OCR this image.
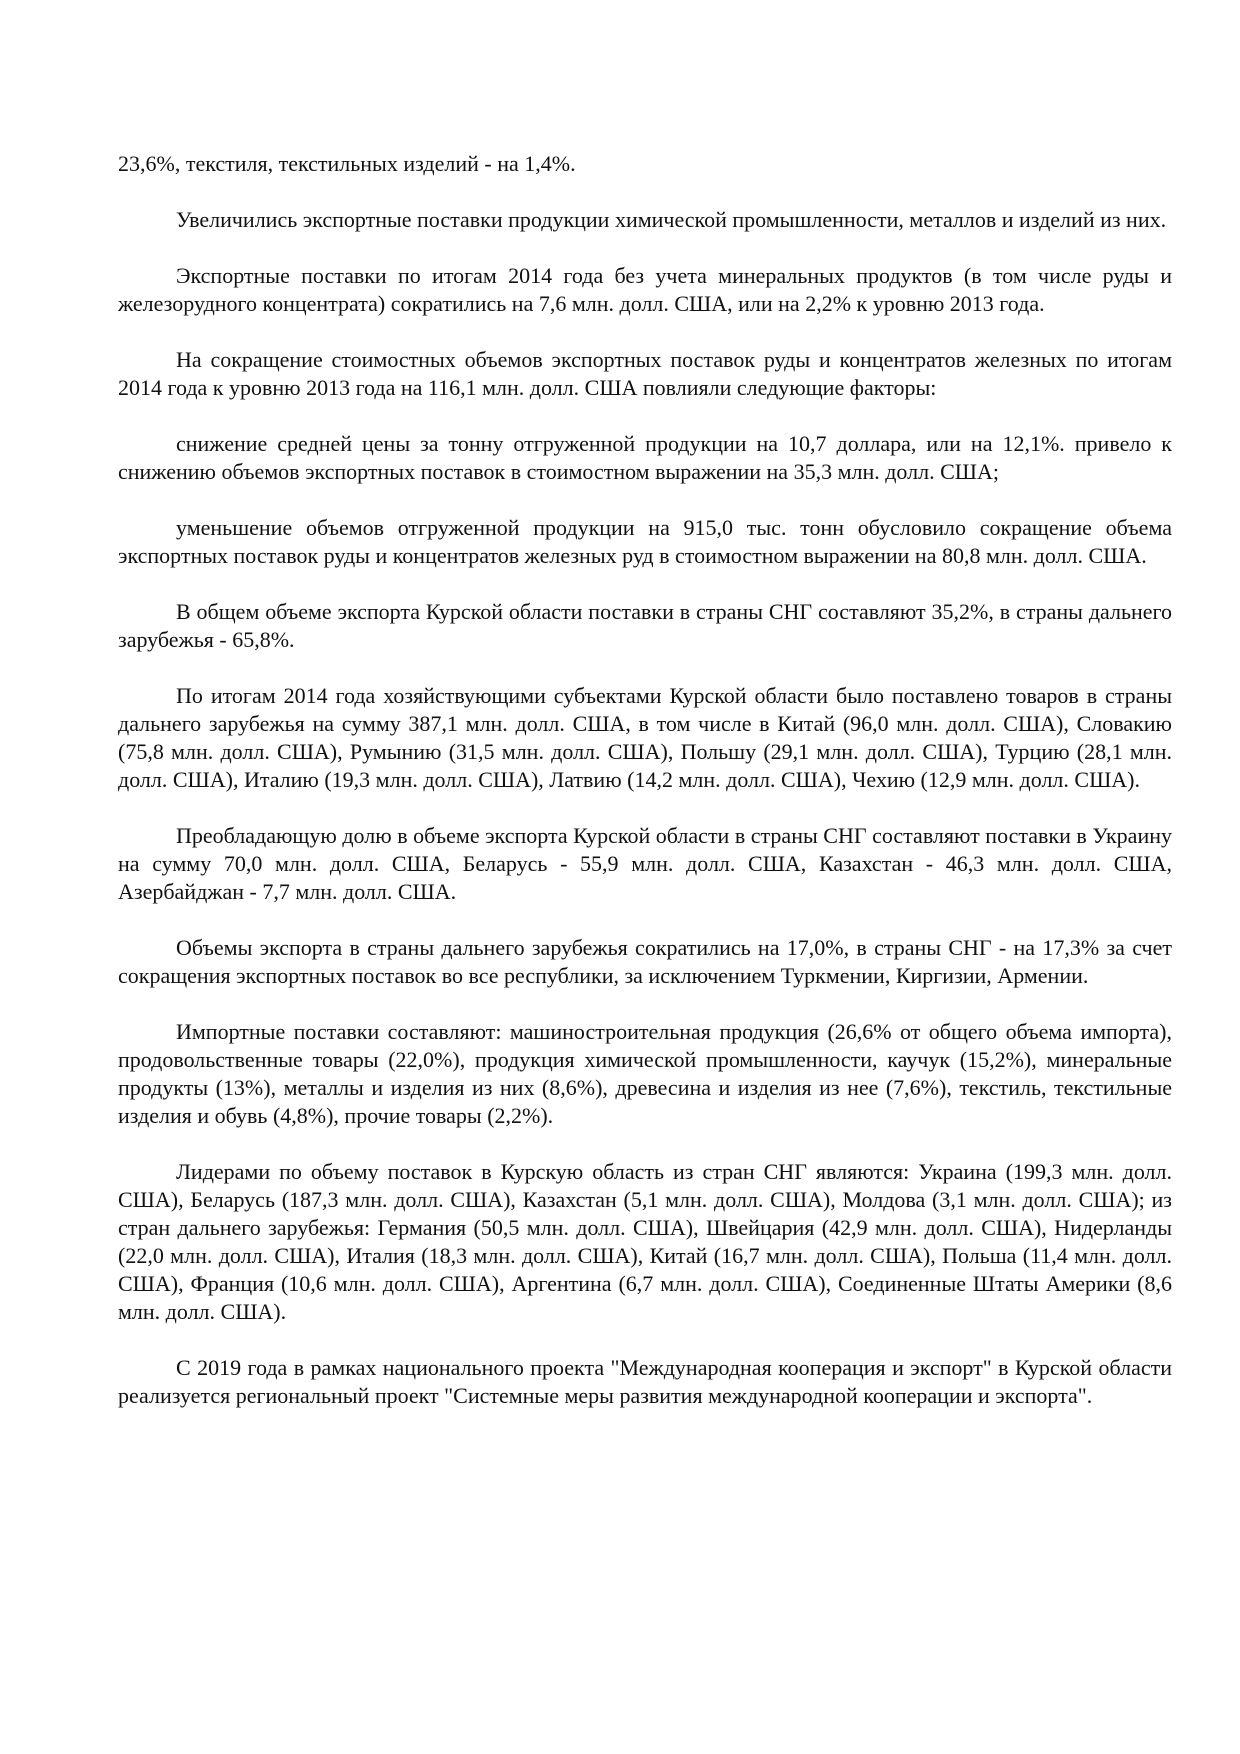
23,6%, текстиля, текстильных изделий - на 1,4%.

Увеличились экспортные поставки продукции химической промышленности, металлов и изделий из них.

Экспортные поставки по итогам 2014 года без учета минеральных продуктов (в том числе руды и железорудного концентрата) сократились на 7,6 млн. долл. США, или на 2,2% к уровню 2013 года.

На сокращение стоимостных объемов экспортных поставок руды и концентратов железных по итогам 2014 года к уровню 2013 года на 116,1 млн. долл. США повлияли следующие факторы:

снижение средней цены за тонну отгруженной продукции на 10,7 доллара, или на 12,1%. привело к снижению объемов экспортных поставок в стоимостном выражении на 35,3 млн. долл. США;

уменьшение объемов отгруженной продукции на 915,0 тыс. тонн обусловило сокращение объема экспортных поставок руды и концентратов железных руд в стоимостном выражении на 80,8 млн. долл. США.

В общем объеме экспорта Курской области поставки в страны СНГ составляют 35,2%, в страны дальнего зарубежья - 65,8%.

По итогам 2014 года хозяйствующими субъектами Курской области было поставлено товаров в страны дальнего зарубежья на сумму 387,1 млн. долл. США, в том числе в Китай (96,0 млн. долл. США), Словакию (75,8 млн. долл. США), Румынию (31,5 млн. долл. США), Польшу (29,1 млн. долл. США), Турцию (28,1 млн. долл. США), Италию (19,3 млн. долл. США), Латвию (14,2 млн. долл. США), Чехию (12,9 млн. долл. США).

Преобладающую долю в объеме экспорта Курской области в страны СНГ составляют поставки в Украину на сумму 70,0 млн. долл. США, Беларусь - 55,9 млн. долл. США, Казахстан - 46,3 млн. долл. США, Азербайджан - 7,7 млн. долл. США.

Объемы экспорта в страны дальнего зарубежья сократились на 17,0%, в страны СНГ - на 17,3% за счет сокращения экспортных поставок во все республики, за исключением Туркмении, Киргизии, Армении.

Импортные поставки составляют: машиностроительная продукция (26,6% от общего объема импорта), продовольственные товары (22,0%), продукция химической промышленности, каучук (15,2%), минеральные продукты (13%), металлы и изделия из них (8,6%), древесина и изделия из нее (7,6%), текстиль, текстильные изделия и обувь (4,8%), прочие товары (2,2%).

Лидерами по объему поставок в Курскую область из стран СНГ являются: Украина (199,3 млн. долл. США), Беларусь (187,3 млн. долл. США), Казахстан (5,1 млн. долл. США), Молдова (3,1 млн. долл. США); из стран дальнего зарубежья: Германия (50,5 млн. долл. США), Швейцария (42,9 млн. долл. США), Нидерланды (22,0 млн. долл. США), Италия (18,3 млн. долл. США), Китай (16,7 млн. долл. США), Польша (11,4 млн. долл. США), Франция (10,6 млн. долл. США), Аргентина (6,7 млн. долл. США), Соединенные Штаты Америки (8,6 млн. долл. США).

С 2019 года в рамках национального проекта "Международная кооперация и экспорт" в Курской области реализуется региональный проект "Системные меры развития международной кооперации и экспорта".
